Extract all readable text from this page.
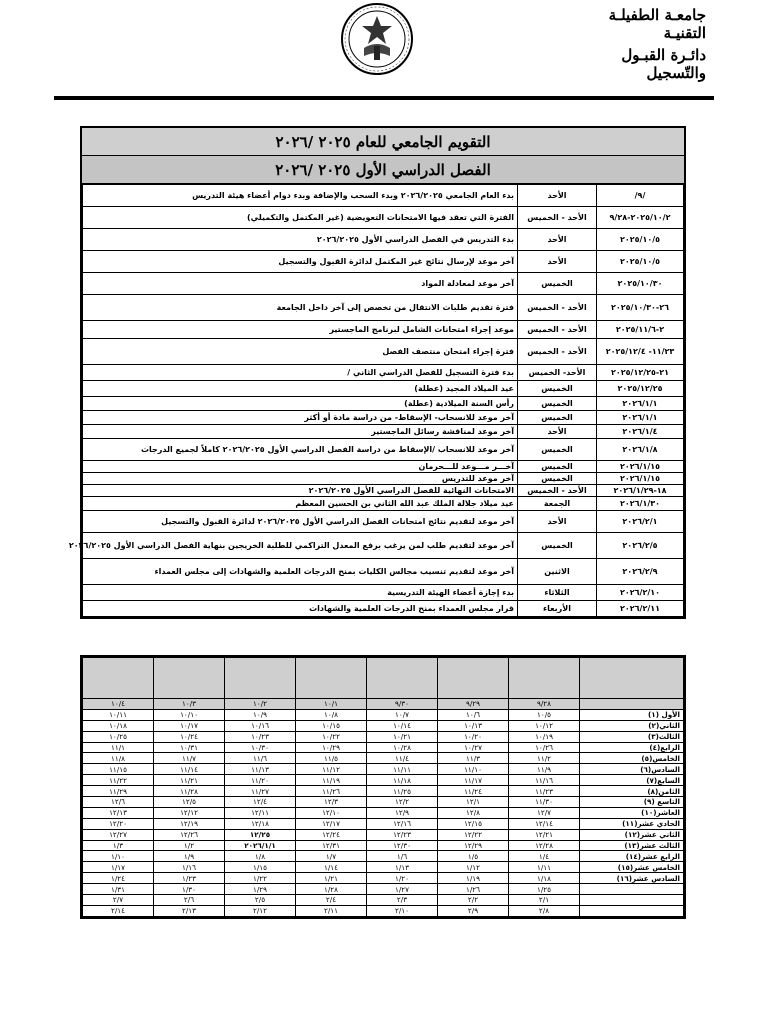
جامعـة الطفيلـة التقنيـة
دائـرة القبـول والتّسجيل
التقويم الجامعي للعام ٢٠٢٥ /٢٠٢٦
الفصل الدراسي الأول ٢٠٢٥ /٢٠٢٦
/٩/	الأحد	بدء العام الجامعي ٢٠٢٦/٢٠٢٥ وبدء السحب والإضافة وبدء دوام أعضاء هيئة التدريس
٢٠٢٥/١٠/٢-٩/٢٨	الأحد - الخميس	الفترة التي تعقد فيها الامتحانات التعويضية (غير المكتمل والتكميلي)
٢٠٢٥/١٠/٥	الأحد	بدء التدريس في الفصل الدراسي الأول ٢٠٢٦/٢٠٢٥
٢٠٢٥/١٠/٥	الأحد	آخر موعد لإرسال نتائج غير المكتمل لدائرة القبول والتسجيل
٢٠٢٥/١٠/٣٠	الخميس	آخر موعد لمعادلة المواد
٢٦-٢٠٢٥/١٠/٣٠	الأحد - الخميس	فترة تقديم طلبات الانتقال من تخصص إلى آخر داخل الجامعة
٢-٢٠٢٥/١١/٦	الأحد - الخميس	موعد إجراء امتحانات الشامل لبرنامج الماجستير
١١/٢٣- ٢٠٢٥/١٢/٤	الأحد - الخميس	فترة إجراء امتحان منتصف الفصل
٢١-٢٠٢٥/١٢/٢٥	الأحد- الخميس	بدء فترة التسجيل للفصل الدراسي الثاني /
٢٠٢٥/١٢/٢٥	الخميس	عيد الميلاد المجيد (عطلة)
٢٠٢٦/١/١	الخميس	رأس السنة الميلادية (عطلة)
٢٠٢٦/١/١	الخميس	آخر موعد للانسحاب- الإسقاط- من دراسة مادة أو أكثر
٢٠٢٦/١/٤	الأحد	آخر موعد لمناقشة رسائل الماجستير
٢٠٢٦/١/٨	الخميس	آخر موعد للانسحاب /الإسقاط من دراسة الفصل الدراسي الأول ٢٠٢٦/٢٠٢٥ كاملاً لجميع الدرجات
٢٠٢٦/١/١٥	الخميس	آخـــر مـــوعد للـــحرمان
٢٠٢٦/١/١٥	الخميس	آخر موعد للتدريس
١٨-٢٠٢٦/١/٢٩	الأحد - الخميس	الامتحانات النهائية للفصل الدراسي الأول ٢٠٢٦/٢٠٢٥
٢٠٢٦/١/٣٠	الجمعة	عيد ميلاد جلالة الملك عبد الله الثاني بن الحسين المعظم
٢٠٢٦/٢/١	الأحد	آخر موعد لتقديم نتائج امتحانات الفصل الدراسي الأول ٢٠٢٦/٢٠٢٥ لدائرة القبول والتسجيل
٢٠٢٦/٢/٥	الخميس	آخر موعد لتقديم طلب لمن يرغب برفع المعدل التراكمي للطلبة الخريجين بنهاية الفصل الدراسي الأول ٢٠٢٦/٢٠٢٥
٢٠٢٦/٢/٩	الاثنين	آخر موعد لتقديم تنسيب مجالس الكليات بمنح الدرجات العلمية والشهادات إلى مجلس العمداء
٢٠٢٦/٢/١٠	الثلاثاء	بدء إجازة أعضاء الهيئة التدريسية
٢٠٢٦/٢/١١	الأربعاء	قرار مجلس العمداء بمنح الدرجات العلمية والشهادات

	٩/٢٨	٩/٢٩	٩/٣٠	١٠/١	١٠/٢	١٠/٣	١٠/٤
الأول (١)	١٠/٥	١٠/٦	١٠/٧	١٠/٨	١٠/٩	١٠/١٠	١٠/١١
الثاني(٢)	١٠/١٢	١٠/١٣	١٠/١٤	١٠/١٥	١٠/١٦	١٠/١٧	١٠/١٨
الثالث(٣)	١٠/١٩	١٠/٢٠	١٠/٢١	١٠/٢٢	١٠/٢٣	١٠/٢٤	١٠/٢٥
الرابع(٤)	١٠/٢٦	١٠/٢٧	١٠/٢٨	١٠/٢٩	١٠/٣٠	١٠/٣١	١١/١
الخامس(٥)	١١/٢	١١/٣	١١/٤	١١/٥	١١/٦	١١/٧	١١/٨
السادس(٦)	١١/٩	١١/١٠	١١/١١	١١/١٢	١١/١٣	١١/١٤	١١/١٥
السابع(٧)	١١/١٦	١١/١٧	١١/١٨	١١/١٩	١١/٢٠	١١/٢١	١١/٢٢
الثامن(٨)	١١/٢٣	١١/٢٤	١١/٢٥	١١/٢٦	١١/٢٧	١١/٢٨	١١/٢٩
التاسع (٩)	١١/٣٠	١٢/١	١٢/٢	١٢/٣	١٢/٤	١٢/٥	١٢/٦
العاشر(١٠)	١٢/٧	١٢/٨	١٢/٩	١٢/١٠	١٢/١١	١٢/١٢	١٢/١٣
الحادي عشر(١١)	١٢/١٤	١٢/١٥	١٢/١٦	١٢/١٧	١٢/١٨	١٢/١٩	١٢/٢٠
الثاني عشر(١٢)	١٢/٢١	١٢/٢٢	١٢/٢٣	١٢/٢٤	١٢/٢٥	١٢/٢٦	١٢/٢٧
الثالث عشر(١٣)	١٢/٢٨	١٢/٢٩	١٢/٣٠	١٢/٣١	٢٠٢٦/١/١	١/٢	١/٣
الرابع عشر(١٤)	١/٤	١/٥	١/٦	١/٧	١/٨	١/٩	١/١٠
الخامس عشر(١٥)	١/١١	١/١٢	١/١٣	١/١٤	١/١٥	١/١٦	١/١٧
السادس عشر(١٦)	١/١٨	١/١٩	١/٢٠	١/٢١	١/٢٢	١/٢٣	١/٢٤
	١/٢٥	١/٢٦	١/٢٧	١/٢٨	١/٢٩	١/٣٠	١/٣١
	٢/١	٢/٢	٢/٣	٢/٤	٢/٥	٢/٦	٢/٧
	٢/٨	٢/٩	٢/١٠	٢/١١	٢/١٢	٢/١٣	٢/١٤
